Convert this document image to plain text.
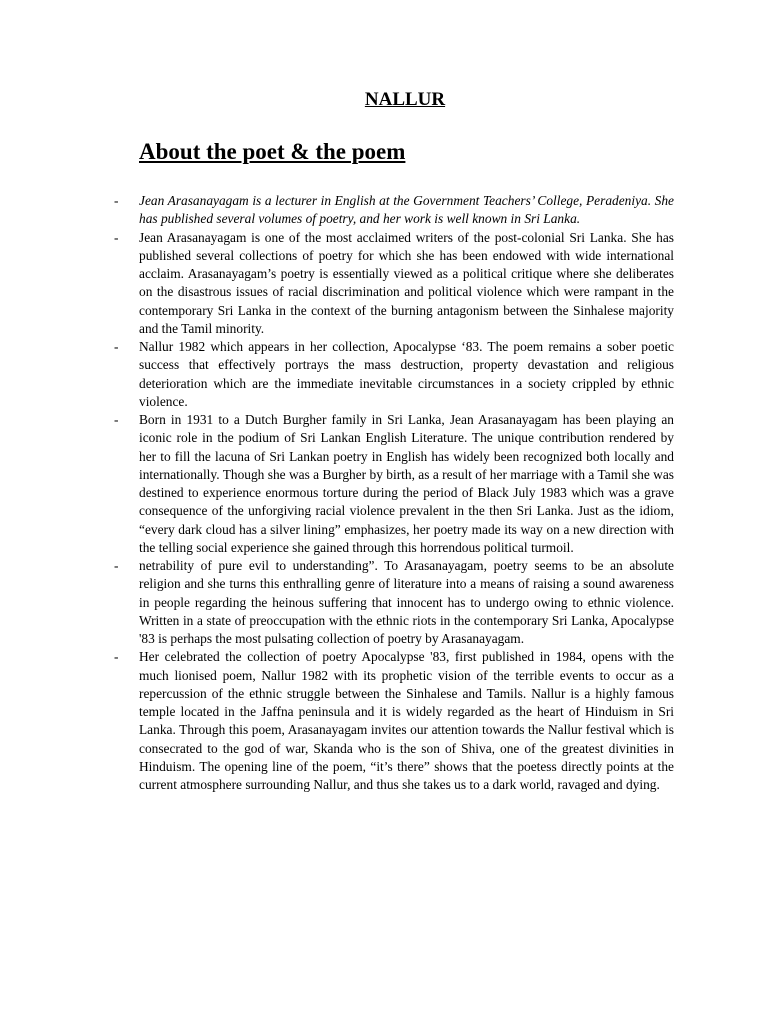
NALLUR
About the poet & the poem
- Jean Arasanayagam is a lecturer in English at the Government Teachers’ College, Peradeniya. She has published several volumes of poetry, and her work is well known in Sri Lanka.
- Jean Arasanayagam is one of the most acclaimed writers of the post-colonial Sri Lanka. She has published several collections of poetry for which she has been endowed with wide international acclaim. Arasanayagam’s poetry is essentially viewed as a political critique where she deliberates on the disastrous issues of racial discrimination and political violence which were rampant in the contemporary Sri Lanka in the context of the burning antagonism between the Sinhalese majority and the Tamil minority.
- Nallur 1982 which appears in her collection, Apocalypse ‘83. The poem remains a sober poetic success that effectively portrays the mass destruction, property devastation and religious deterioration which are the immediate inevitable circumstances in a society crippled by ethnic violence.
- Born in 1931 to a Dutch Burgher family in Sri Lanka, Jean Arasanayagam has been playing an iconic role in the podium of Sri Lankan English Literature. The unique contribution rendered by her to fill the lacuna of Sri Lankan poetry in English has widely been recognized both locally and internationally. Though she was a Burgher by birth, as a result of her marriage with a Tamil she was destined to experience enormous torture during the period of Black July 1983 which was a grave consequence of the unforgiving racial violence prevalent in the then Sri Lanka. Just as the idiom, “every dark cloud has a silver lining” emphasizes, her poetry made its way on a new direction with the telling social experience she gained through this horrendous political turmoil.
- netrability of pure evil to understanding”. To Arasanayagam, poetry seems to be an absolute religion and she turns this enthralling genre of literature into a means of raising a sound awareness in people regarding the heinous suffering that innocent has to undergo owing to ethnic violence. Written in a state of preoccupation with the ethnic riots in the contemporary Sri Lanka, Apocalypse '83 is perhaps the most pulsating collection of poetry by Arasanayagam.
- Her celebrated the collection of poetry Apocalypse '83, first published in 1984, opens with the much lionised poem, Nallur 1982 with its prophetic vision of the terrible events to occur as a repercussion of the ethnic struggle between the Sinhalese and Tamils. Nallur is a highly famous temple located in the Jaffna peninsula and it is widely regarded as the heart of Hinduism in Sri Lanka. Through this poem, Arasanayagam invites our attention towards the Nallur festival which is consecrated to the god of war, Skanda who is the son of Shiva, one of the greatest divinities in Hinduism. The opening line of the poem, “it’s there” shows that the poetess directly points at the current atmosphere surrounding Nallur, and thus she takes us to a dark world, ravaged and dying.
